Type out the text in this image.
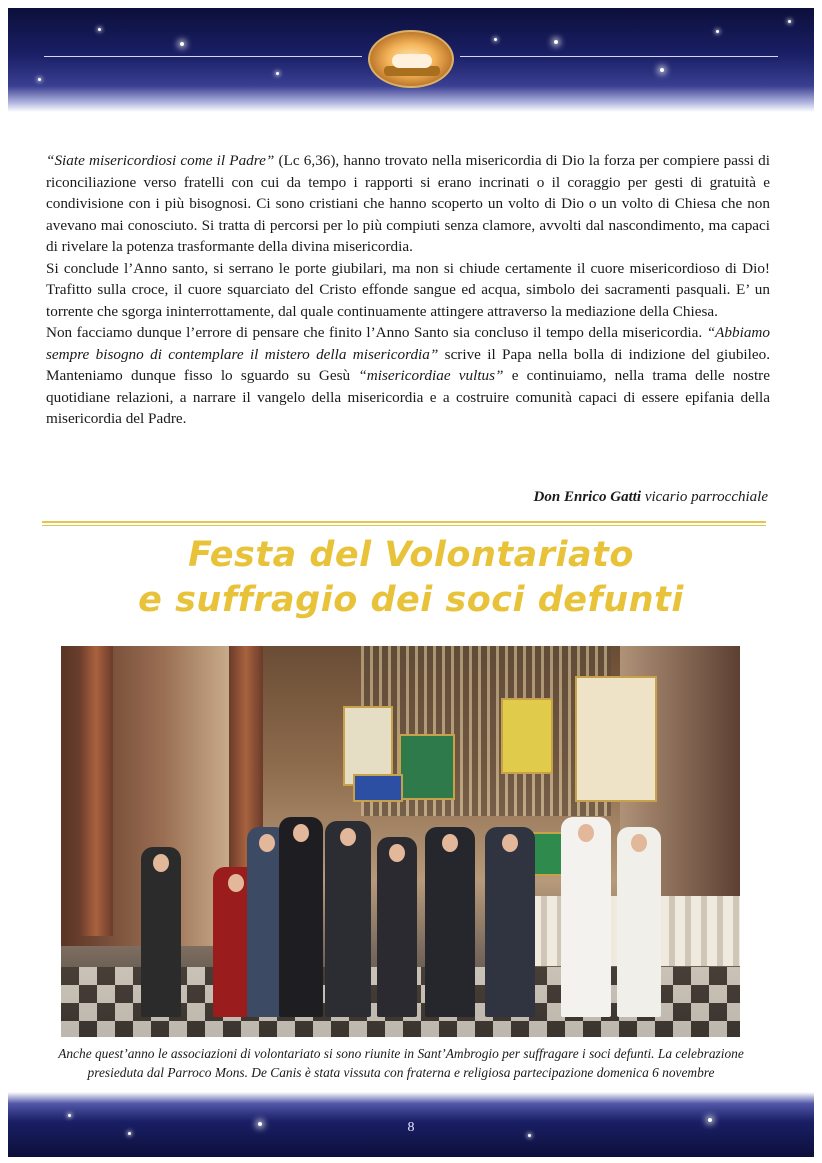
“Siate misericordiosi come il Padre” (Lc 6,36), hanno trovato nella misericordia di Dio la forza per compiere passi di riconciliazione verso fratelli con cui da tempo i rapporti si erano incrinati o il coraggio per gesti di gratuità e condivisione con i più bisognosi. Ci sono cristiani che hanno scoperto un volto di Dio o un volto di Chiesa che non avevano mai conosciuto. Si tratta di percorsi per lo più compiuti senza clamore, avvolti dal nascondimento, ma capaci di rivelare la potenza trasformante della divina misericordia.

Si conclude l’Anno santo, si serrano le porte giubilari, ma non si chiude certamente il cuore misericordioso di Dio! Trafitto sulla croce, il cuore squarciato del Cristo effonde sangue ed acqua, simbolo dei sacramenti pasquali. E’ un torrente che sgorga ininterrottamente, dal quale continuamente attingere attraverso la mediazione della Chiesa.

Non facciamo dunque l’errore di pensare che finito l’Anno Santo sia concluso il tempo della misericordia. “Abbiamo sempre bisogno di contemplare il mistero della misericordia” scrive il Papa nella bolla di indizione del giubileo. Manteniamo dunque fisso lo sguardo su Gesù “misericordiae vultus” e continuiamo, nella trama delle nostre quotidiane relazioni, a narrare il vangelo della misericordia e a costruire comunità capaci di essere epifania della misericordia del Padre.

Don Enrico Gatti vicario parrocchiale
Festa del Volontariato
e suffragio dei soci defunti
Anche quest’anno le associazioni di volontariato si sono riunite in Sant’Ambrogio per suffragare i soci defunti. La celebrazione presieduta dal Parroco Mons. De Canis è stata vissuta con fraterna e religiosa partecipazione domenica 6 novembre
8
